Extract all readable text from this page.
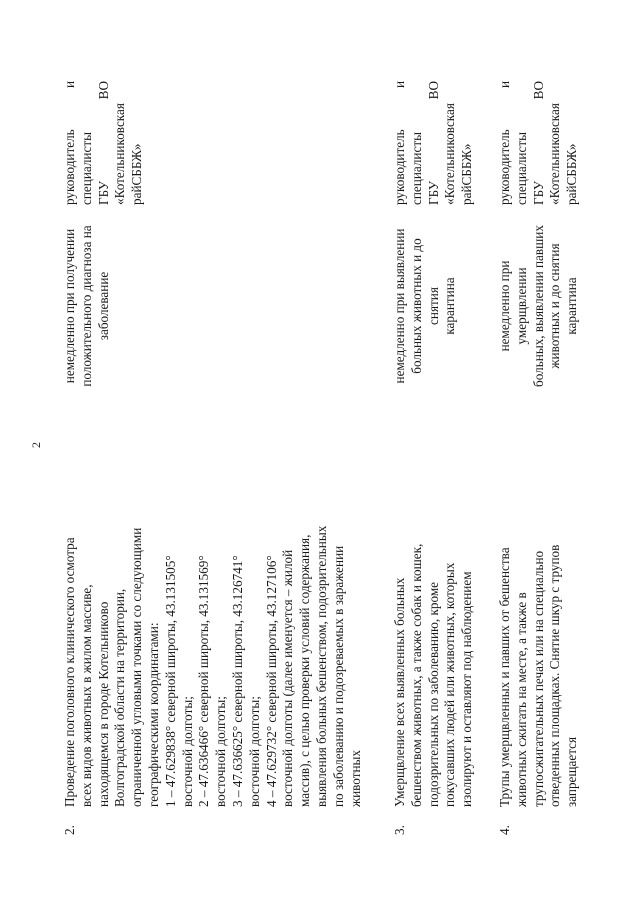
2
2.
Проведение поголовного клинического осмотра всех видов животных в жилом массиве, находящемся в городе Котельниково Волгоградской области на территории, ограниченной угловыми точками со следующими географическими координатами: 1 – 47.629838° северной широты, 43.131505° восточной долготы; 2 – 47.636466° северной широты, 43.131569° восточной долготы; 3 – 47.636625° северной широты, 43.126741° восточной долготы; 4 – 47.629732° северной широты, 43.127106° восточной долготы (далее именуется – жилой массив), с целью проверки условий содержания, выявления больных бешенством, подозрительных по заболеванию и подозреваемых в заражении животных
немедленно при получении положительного диагноза на заболевание
руководитель и специалисты ГБУ ВО «Котельниковская райСББЖ»
3.
Умерщвление всех выявленных больных бешенством животных, а также собак и кошек, подозрительных по заболеванию, кроме покусавших людей или животных, которых изолируют и оставляют под наблюдением
немедленно при выявлении больных животных и до снятия карантина
руководитель и специалисты ГБУ ВО «Котельниковская райСББЖ»
4.
Трупы умерщвленных и павших от бешенства животных сжигать на месте, а также в трупосжигательных печах или на специально отведенных площадках. Снятие шкур с трупов запрещается
немедленно при умерщвлении больных, выявлении павших животных и до снятия карантина
руководитель и специалисты ГБУ ВО «Котельниковская райСББЖ»
